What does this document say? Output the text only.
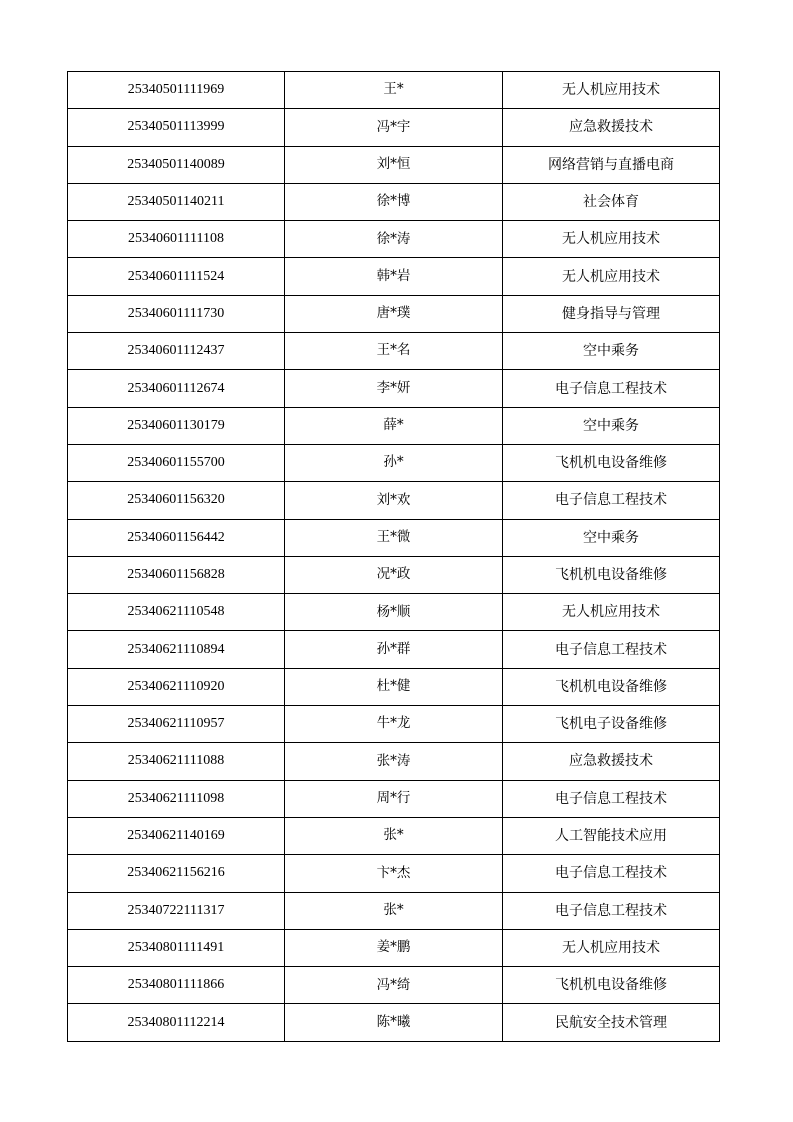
25340501111969	王*	无人机应用技术
25340501113999	冯*宇	应急救援技术
25340501140089	刘*恒	网络营销与直播电商
25340501140211	徐*博	社会体育
25340601111108	徐*涛	无人机应用技术
25340601111524	韩*岩	无人机应用技术
25340601111730	唐*璞	健身指导与管理
25340601112437	王*名	空中乘务
25340601112674	李*妍	电子信息工程技术
25340601130179	薛*	空中乘务
25340601155700	孙*	飞机机电设备维修
25340601156320	刘*欢	电子信息工程技术
25340601156442	王*微	空中乘务
25340601156828	况*政	飞机机电设备维修
25340621110548	杨*顺	无人机应用技术
25340621110894	孙*群	电子信息工程技术
25340621110920	杜*健	飞机机电设备维修
25340621110957	牛*龙	飞机电子设备维修
25340621111088	张*涛	应急救援技术
25340621111098	周*行	电子信息工程技术
25340621140169	张*	人工智能技术应用
25340621156216	卞*杰	电子信息工程技术
25340722111317	张*	电子信息工程技术
25340801111491	姜*鹏	无人机应用技术
25340801111866	冯*绮	飞机机电设备维修
25340801112214	陈*曦	民航安全技术管理
